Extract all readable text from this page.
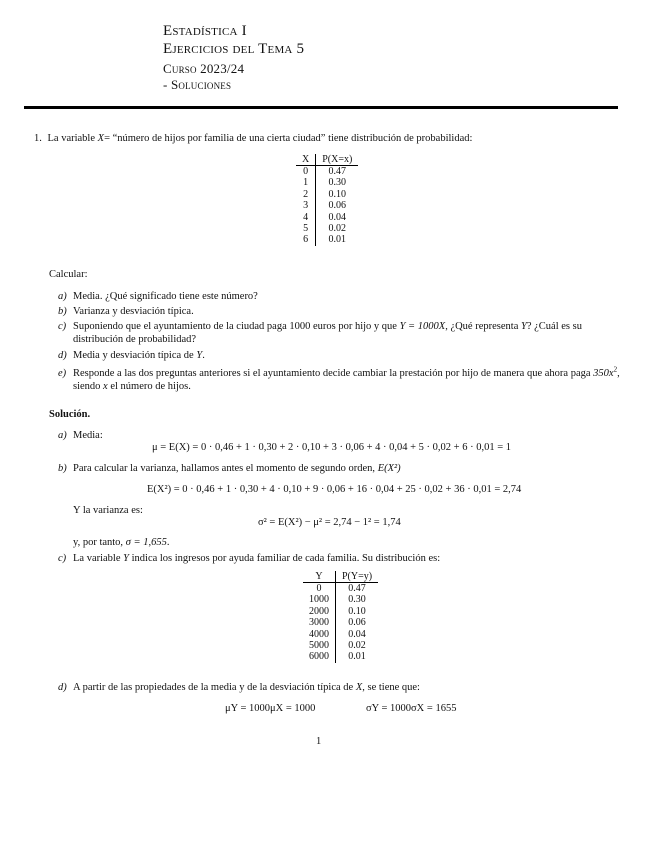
Estadística I
Ejercicios del Tema 5
Curso 2023/24
- Soluciones
1. La variable X= “número de hijos por familia de una cierta ciudad” tiene distribución de probabilidad:
X	P(X=x)
0	0.47
1	0.30
2	0.10
3	0.06
4	0.04
5	0.02
6	0.01
Calcular:
a) Media. ¿Qué significado tiene este número?
b) Varianza y desviación típica.
c) Suponiendo que el ayuntamiento de la ciudad paga 1000 euros por hijo y que Y = 1000X, ¿Qué representa Y? ¿Cuál es su distribución de probabilidad?
d) Media y desviación típica de Y.
e) Responde a las dos preguntas anteriores si el ayuntamiento decide cambiar la prestación por hijo de manera que ahora paga $350x^2$, siendo x el número de hijos.
Solución.
a) Media:
μ = E(X) = 0 · 0,46 + 1 · 0,30 + 2 · 0,10 + 3 · 0,06 + 4 · 0,04 + 5 · 0,02 + 6 · 0,01 = 1
b) Para calcular la varianza, hallamos antes el momento de segundo orden, E(X²)
E(X²) = 0 · 0,46 + 1 · 0,30 + 4 · 0,10 + 9 · 0,06 + 16 · 0,04 + 25 · 0,02 + 36 · 0,01 = 2,74
Y la varianza es:
σ² = E(X²) − μ² = 2,74 − 1² = 1,74
y, por tanto, σ = 1,655.
c) La variable Y indica los ingresos por ayuda familiar de cada familia. Su distribución es:
Y	P(Y=y)
0	0.47
1000	0.30
2000	0.10
3000	0.06
4000	0.04
5000	0.02
6000	0.01
d) A partir de las propiedades de la media y de la desviación típica de X, se tiene que:
μY = 1000μX = 1000	σY = 1000σX = 1655
1
